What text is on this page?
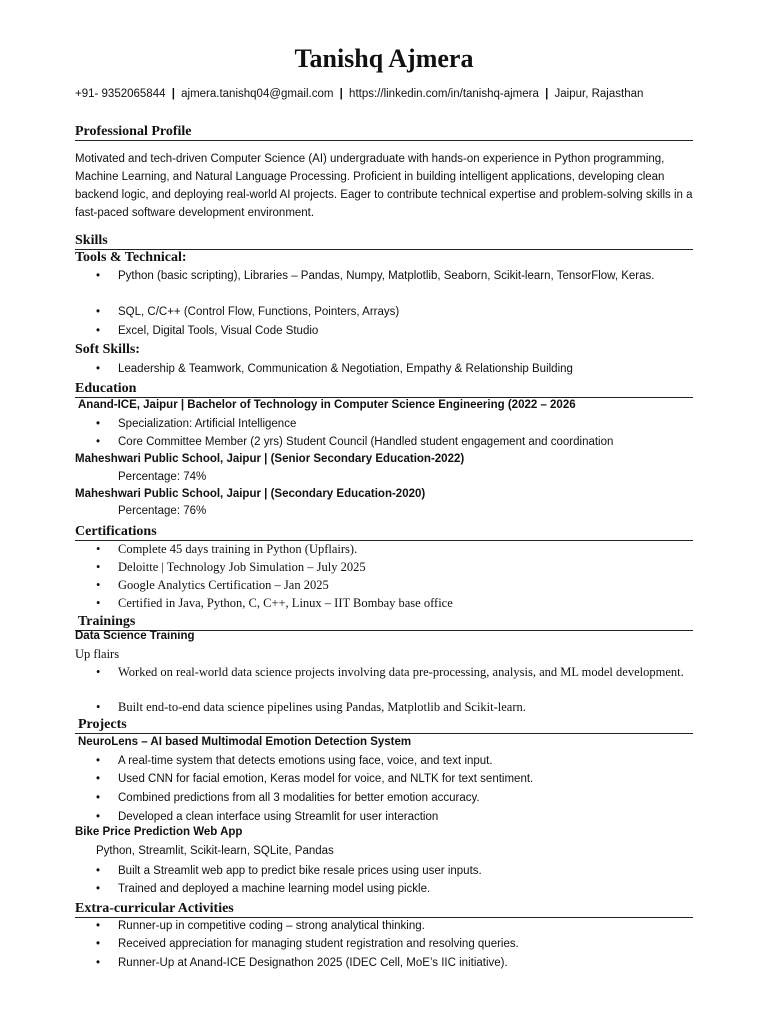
Tanishq Ajmera
+91- 9352065844 | ajmera.tanishq04@gmail.com | https://linkedin.com/in/tanishq-ajmera | Jaipur, Rajasthan
Professional Profile
Motivated and tech-driven Computer Science (AI) undergraduate with hands-on experience in Python programming, Machine Learning, and Natural Language Processing. Proficient in building intelligent applications, developing clean backend logic, and deploying real-world AI projects. Eager to contribute technical expertise and problem-solving skills in a fast-paced software development environment.
Skills
Tools & Technical:
• Python (basic scripting), Libraries – Pandas, Numpy, Matplotlib, Seaborn, Scikit-learn, TensorFlow, Keras.
• SQL, C/C++ (Control Flow, Functions, Pointers, Arrays)
• Excel, Digital Tools, Visual Code Studio
Soft Skills:
• Leadership & Teamwork, Communication & Negotiation, Empathy & Relationship Building
Education
Anand-ICE, Jaipur | Bachelor of Technology in Computer Science Engineering (2022 – 2026
• Specialization: Artificial Intelligence
• Core Committee Member (2 yrs) Student Council (Handled student engagement and coordination
Maheshwari Public School, Jaipur | (Senior Secondary Education-2022)
Percentage: 74%
Maheshwari Public School, Jaipur | (Secondary Education-2020)
Percentage: 76%
Certifications
• Complete 45 days training in Python (Upflairs).
• Deloitte | Technology Job Simulation – July 2025
• Google Analytics Certification – Jan 2025
• Certified in Java, Python, C, C++, Linux – IIT Bombay base office
Trainings
Data Science Training
Up flairs
• Worked on real-world data science projects involving data pre-processing, analysis, and ML model development.
• Built end-to-end data science pipelines using Pandas, Matplotlib and Scikit-learn.
Projects
NeuroLens – AI based Multimodal Emotion Detection System
• A real-time system that detects emotions using face, voice, and text input.
• Used CNN for facial emotion, Keras model for voice, and NLTK for text sentiment.
• Combined predictions from all 3 modalities for better emotion accuracy.
• Developed a clean interface using Streamlit for user interaction
Bike Price Prediction Web App
Python, Streamlit, Scikit-learn, SQLite, Pandas
• Built a Streamlit web app to predict bike resale prices using user inputs.
• Trained and deployed a machine learning model using pickle.
Extra-curricular Activities
• Runner-up in competitive coding – strong analytical thinking.
• Received appreciation for managing student registration and resolving queries.
• Runner-Up at Anand-ICE Designathon 2025 (IDEC Cell, MoE’s IIC initiative).
